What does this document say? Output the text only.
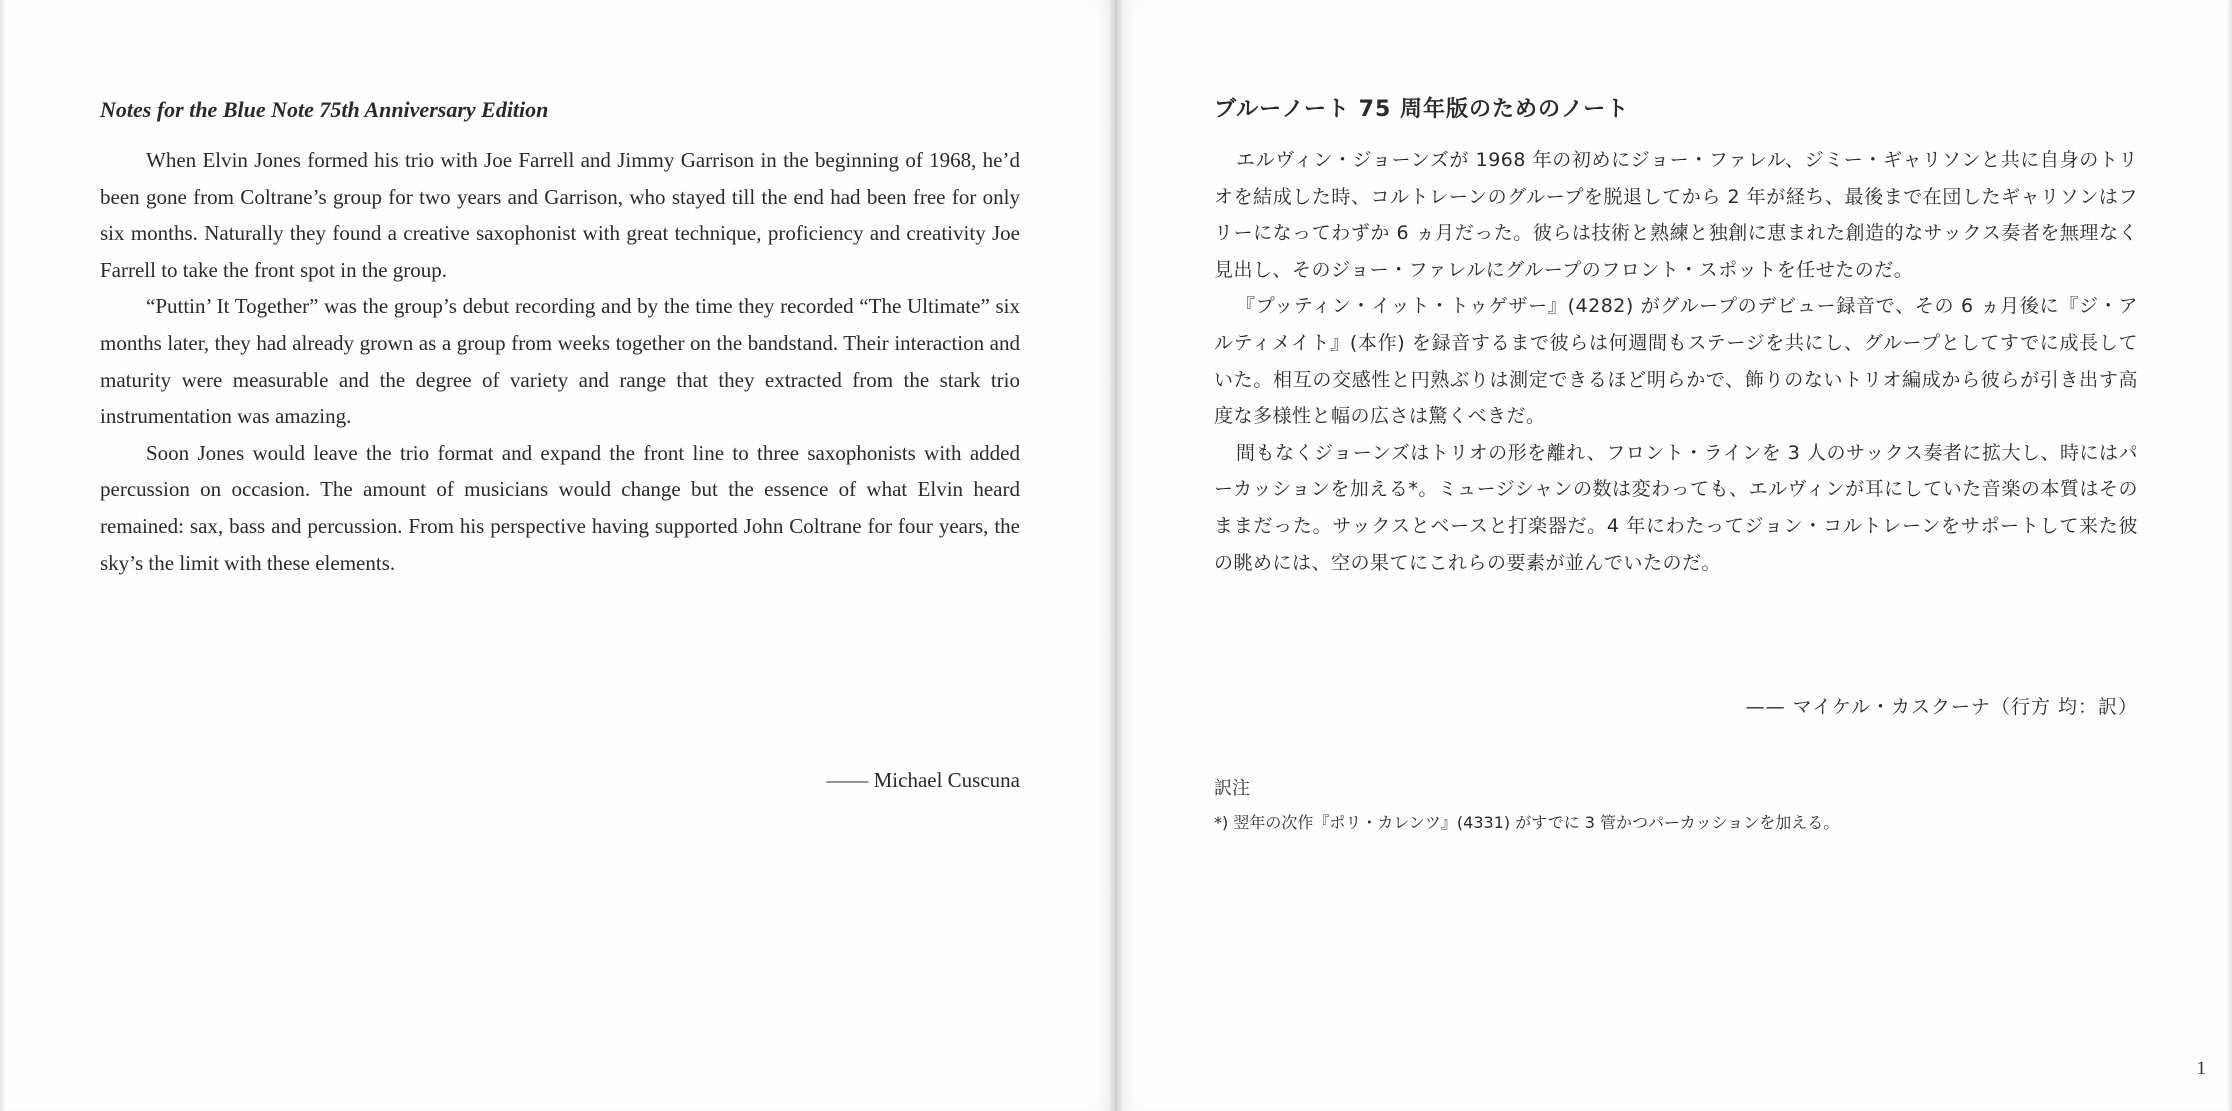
Notes for the Blue Note 75th Anniversary Edition

When Elvin Jones formed his trio with Joe Farrell and Jimmy Garrison in the beginning of 1968, he’d been gone from Coltrane’s group for two years and Garrison, who stayed till the end had been free for only six months. Naturally they found a creative saxophonist with great technique, proficiency and creativity Joe Farrell to take the front spot in the group.

“Puttin’ It Together” was the group’s debut recording and by the time they recorded “The Ultimate” six months later, they had already grown as a group from weeks together on the bandstand. Their interaction and maturity were measurable and the degree of variety and range that they extracted from the stark trio instrumentation was amazing.

Soon Jones would leave the trio format and expand the front line to three saxophonists with added percussion on occasion. The amount of musicians would change but the essence of what Elvin heard remained: sax, bass and percussion. From his perspective having supported John Coltrane for four years, the sky’s the limit with these elements.

—— Michael Cuscuna
ブルーノート 75 周年版のためのノート

エルヴィン・ジョーンズが 1968 年の初めにジョー・ファレル、ジミー・ギャリソンと共に自身のトリオを結成した時、コルトレーンのグループを脱退してから 2 年が経ち、最後まで在団したギャリソンはフリーになってわずか 6 ヵ月だった。彼らは技術と熟練と独創に恵まれた創造的なサックス奏者を無理なく見出し、そのジョー・ファレルにグループのフロント・スポットを任せたのだ。

『プッティン・イット・トゥゲザー』(4282) がグループのデビュー録音で、その 6 ヵ月後に『ジ・アルティメイト』(本作) を録音するまで彼らは何週間もステージを共にし、グループとしてすでに成長していた。相互の交感性と円熟ぶりは測定できるほど明らかで、飾りのないトリオ編成から彼らが引き出す高度な多様性と幅の広さは驚くべきだ。

間もなくジョーンズはトリオの形を離れ、フロント・ラインを 3 人のサックス奏者に拡大し、時にはパーカッションを加える*。ミュージシャンの数は変わっても、エルヴィンが耳にしていた音楽の本質はそのままだった。サックスとベースと打楽器だ。4 年にわたってジョン・コルトレーンをサポートして来た彼の眺めには、空の果てにこれらの要素が並んでいたのだ。

—— マイケル・カスクーナ（行方 均：訳）

訳注

*) 翌年の次作『ポリ・カレンツ』(4331) がすでに 3 管かつパーカッションを加える。

1
